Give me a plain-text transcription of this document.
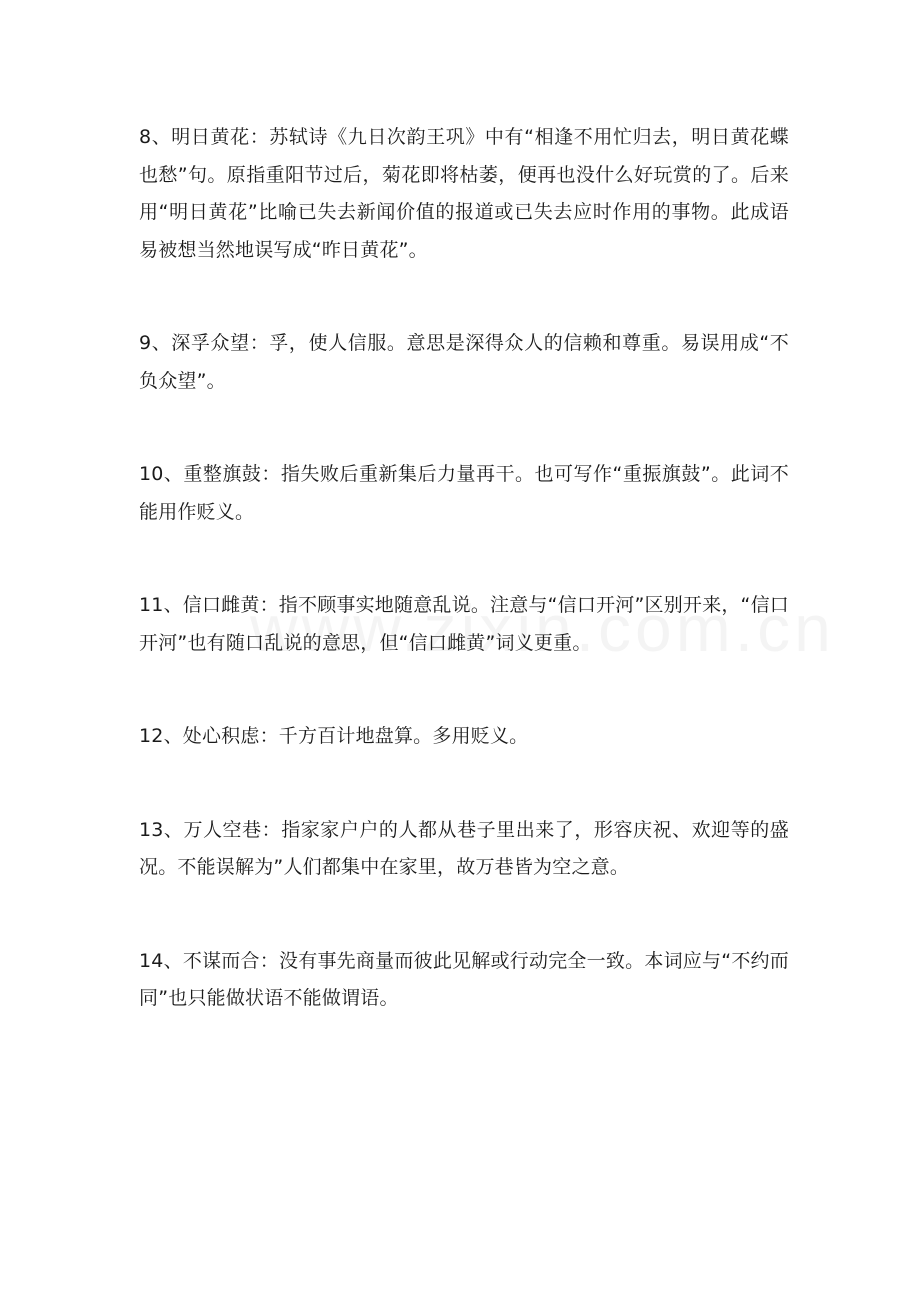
8、明日黄花：苏轼诗《九日次韵王巩》中有“相逢不用忙归去，明日黄花蝶也愁”句。原指重阳节过后，菊花即将枯萎，便再也没什么好玩赏的了。后来用“明日黄花”比喻已失去新闻价值的报道或已失去应时作用的事物。此成语易被想当然地误写成“昨日黄花”。

9、深孚众望：孚，使人信服。意思是深得众人的信赖和尊重。易误用成“不负众望”。

10、重整旗鼓：指失败后重新集后力量再干。也可写作“重振旗鼓”。此词不能用作贬义。

11、信口雌黄：指不顾事实地随意乱说。注意与“信口开河”区别开来，“信口开河”也有随口乱说的意思，但“信口雌黄”词义更重。

12、处心积虑：千方百计地盘算。多用贬义。

13、万人空巷：指家家户户的人都从巷子里出来了，形容庆祝、欢迎等的盛况。不能误解为”人们都集中在家里，故万巷皆为空之意。

14、不谋而合：没有事先商量而彼此见解或行动完全一致。本词应与“不约而同”也只能做状语不能做谓语。
